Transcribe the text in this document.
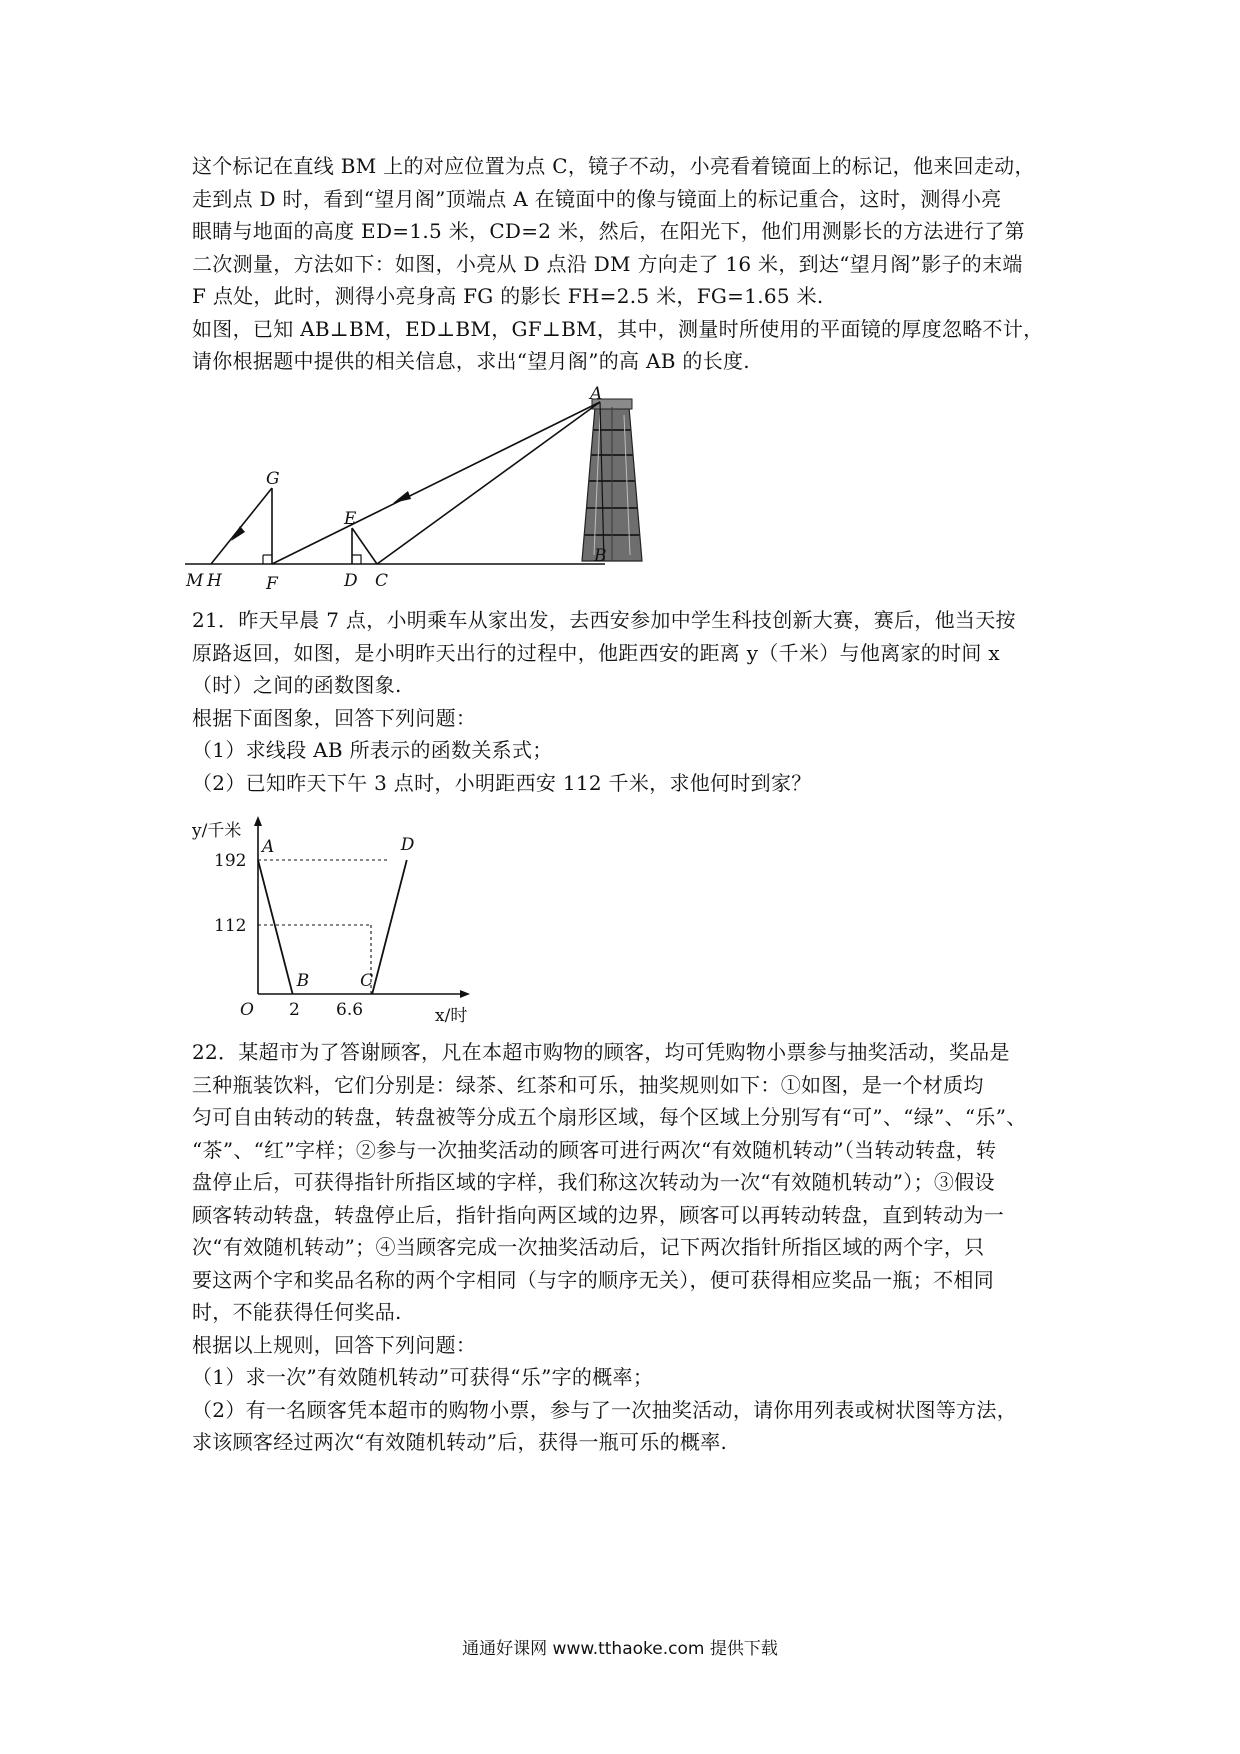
这个标记在直线 BM 上的对应位置为点 C，镜子不动，小亮看着镜面上的标记，他来回走动，
走到点 D 时，看到“望月阁”顶端点 A 在镜面中的像与镜面上的标记重合，这时，测得小亮
眼睛与地面的高度 ED=1.5 米，CD=2 米，然后，在阳光下，他们用测影长的方法进行了第
二次测量，方法如下：如图，小亮从 D 点沿 DM 方向走了 16 米，到达“望月阁”影子的末端
F 点处，此时，测得小亮身高 FG 的影长 FH=2.5 米，FG=1.65 米.
如图，已知 AB⊥BM，ED⊥BM，GF⊥BM，其中，测量时所使用的平面镜的厚度忽略不计，
请你根据题中提供的相关信息，求出“望月阁”的高 AB 的长度.
A
B
G
E
M H	F	D C
21．昨天早晨 7 点，小明乘车从家出发，去西安参加中学生科技创新大赛，赛后，他当天按
原路返回，如图，是小明昨天出行的过程中，他距西安的距离 y（千米）与他离家的时间 x
（时）之间的函数图象.
根据下面图象，回答下列问题：
（1）求线段 AB 所表示的函数关系式；
（2）已知昨天下午 3 点时，小明距西安 112 千米，求他何时到家？
A
B	C
D
y/千米
x/时
O
192
112
2 6.6
22．某超市为了答谢顾客，凡在本超市购物的顾客，均可凭购物小票参与抽奖活动，奖品是
三种瓶装饮料，它们分别是：绿茶、红茶和可乐，抽奖规则如下：①如图，是一个材质均
匀可自由转动的转盘，转盘被等分成五个扇形区域，每个区域上分别写有“可”、“绿”、“乐”、
“茶”、“红”字样；②参与一次抽奖活动的顾客可进行两次“有效随机转动”（当转动转盘，转
盘停止后，可获得指针所指区域的字样，我们称这次转动为一次“有效随机转动”）；③假设
顾客转动转盘，转盘停止后，指针指向两区域的边界，顾客可以再转动转盘，直到转动为一
次“有效随机转动”；④当顾客完成一次抽奖活动后，记下两次指针所指区域的两个字，只
要这两个字和奖品名称的两个字相同（与字的顺序无关），便可获得相应奖品一瓶；不相同
时，不能获得任何奖品.
根据以上规则，回答下列问题：
（1）求一次”有效随机转动”可获得“乐”字的概率；
（2）有一名顾客凭本超市的购物小票，参与了一次抽奖活动，请你用列表或树状图等方法，
求该顾客经过两次“有效随机转动”后，获得一瓶可乐的概率.
通通好课网 www.tthaoke.com 提供下载
